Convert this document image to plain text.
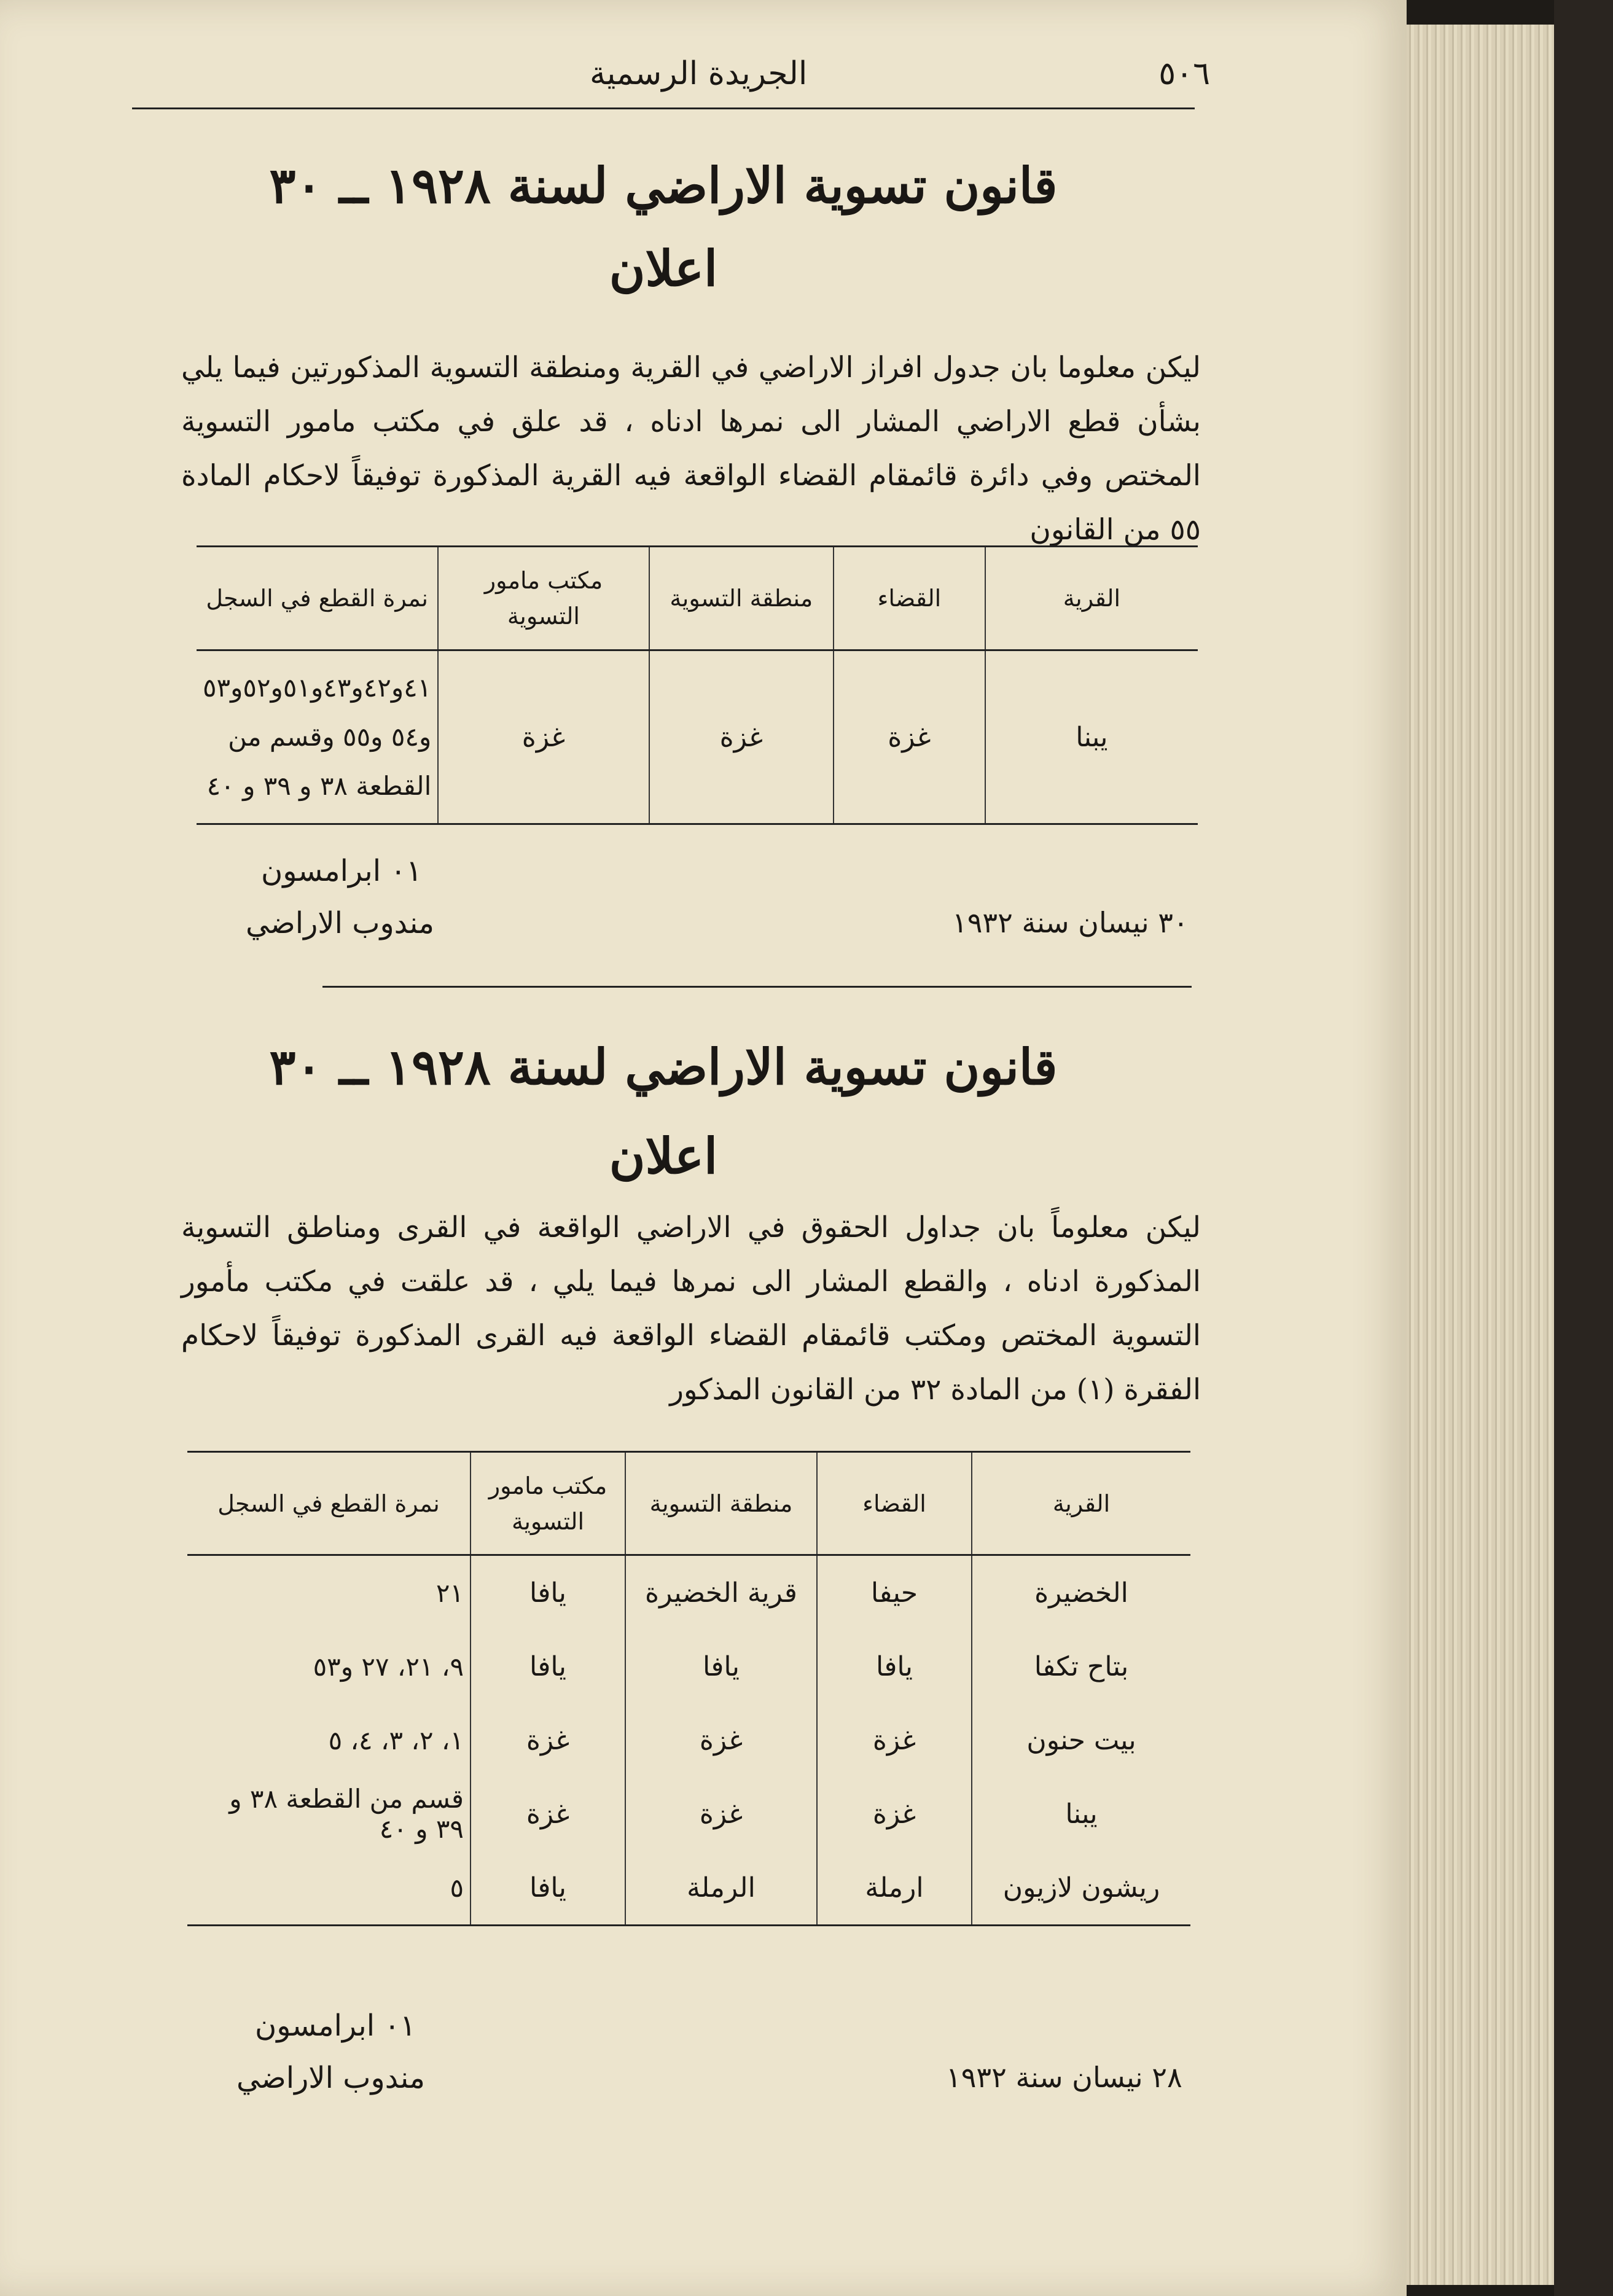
٥٠٦
الجريدة الرسمية
قانون تسوية الاراضي لسنة ١٩٢٨ ــ ٣٠
اعلان
ليكن معلوما بان جدول افراز الاراضي في القرية ومنطقة التسوية المذكورتين فيما يلي بشأن قطع الاراضي المشار الى نمرها ادناه ، قد علق في مكتب مامور التسوية المختص وفي دائرة قائمقام القضاء الواقعة فيه القرية المذكورة توفيقاً لاحكام المادة ٥٥ من القانون
القرية	القضاء	منطقة التسوية	مكتب مامور التسوية	نمرة القطع في السجل
يبنا	غزة	غزة	غزة	٤١و٤٢و٤٣و٥١و٥٢و٥٣ و٥٤ و٥٥ وقسم من القطعة ٣٨ و ٣٩ و ٤٠
٠١ ابرامسون
مندوب الاراضي	٣٠ نيسان سنة ١٩٣٢
قانون تسوية الاراضي لسنة ١٩٢٨ ــ ٣٠
اعلان
ليكن معلوماً بان جداول الحقوق في الاراضي الواقعة في القرى ومناطق التسوية المذكورة ادناه ، والقطع المشار الى نمرها فيما يلي ، قد علقت في مكتب مأمور التسوية المختص ومكتب قائمقام القضاء الواقعة فيه القرى المذكورة توفيقاً لاحكام الفقرة (١) من المادة ٣٢ من القانون المذكور
القرية	القضاء	منطقة التسوية	مكتب مامور التسوية	نمرة القطع في السجل
الخضيرة	حيفا	قرية الخضيرة	يافا	٢١
بتاح تكفا	يافا	يافا	يافا	٩، ٢١، ٢٧ و٥٣
بيت حنون	غزة	غزة	غزة	١، ٢، ٣، ٤، ٥
يبنا	غزة	غزة	غزة	قسم من القطعة ٣٨ و ٣٩ و ٤٠
ريشون لازيون	ارملة	الرملة	يافا	٥
٠١ ابرامسون
مندوب الاراضي	٢٨ نيسان سنة ١٩٣٢
